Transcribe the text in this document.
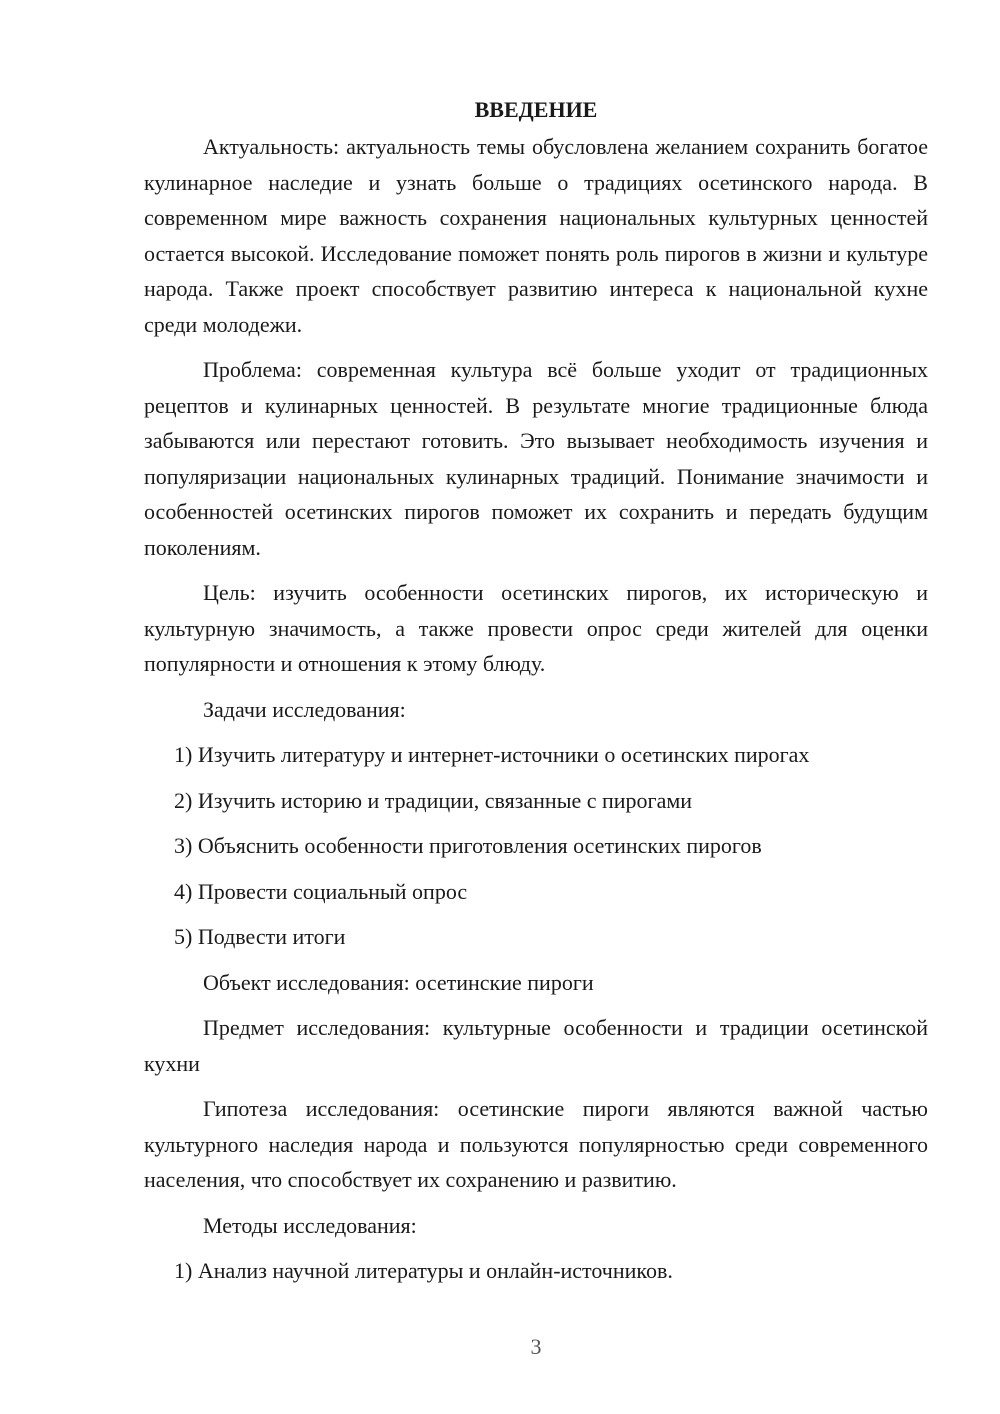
ВВЕДЕНИЕ

Актуальность: актуальность темы обусловлена желанием сохранить богатое кулинарное наследие и узнать больше о традициях осетинского народа. В современном мире важность сохранения национальных культурных ценностей остается высокой. Исследование поможет понять роль пирогов в жизни и культуре народа. Также проект способствует развитию интереса к национальной кухне среди молодежи.

Проблема: современная культура всё больше уходит от традиционных рецептов и кулинарных ценностей. В результате многие традиционные блюда забываются или перестают готовить. Это вызывает необходимость изучения и популяризации национальных кулинарных традиций. Понимание значимости и особенностей осетинских пирогов поможет их сохранить и передать будущим поколениям.

Цель: изучить особенности осетинских пирогов, их историческую и культурную значимость, а также провести опрос среди жителей для оценки популярности и отношения к этому блюду.

Задачи исследования:

1) Изучить литературу и интернет-источники о осетинских пирогах
2) Изучить историю и традиции, связанные с пирогами
3) Объяснить особенности приготовления осетинских пирогов
4) Провести социальный опрос
5) Подвести итоги

Объект исследования: осетинские пироги

Предмет исследования: культурные особенности и традиции осетинской кухни

Гипотеза исследования: осетинские пироги являются важной частью культурного наследия народа и пользуются популярностью среди современного населения, что способствует их сохранению и развитию.

Методы исследования:

1) Анализ научной литературы и онлайн-источников.
3
